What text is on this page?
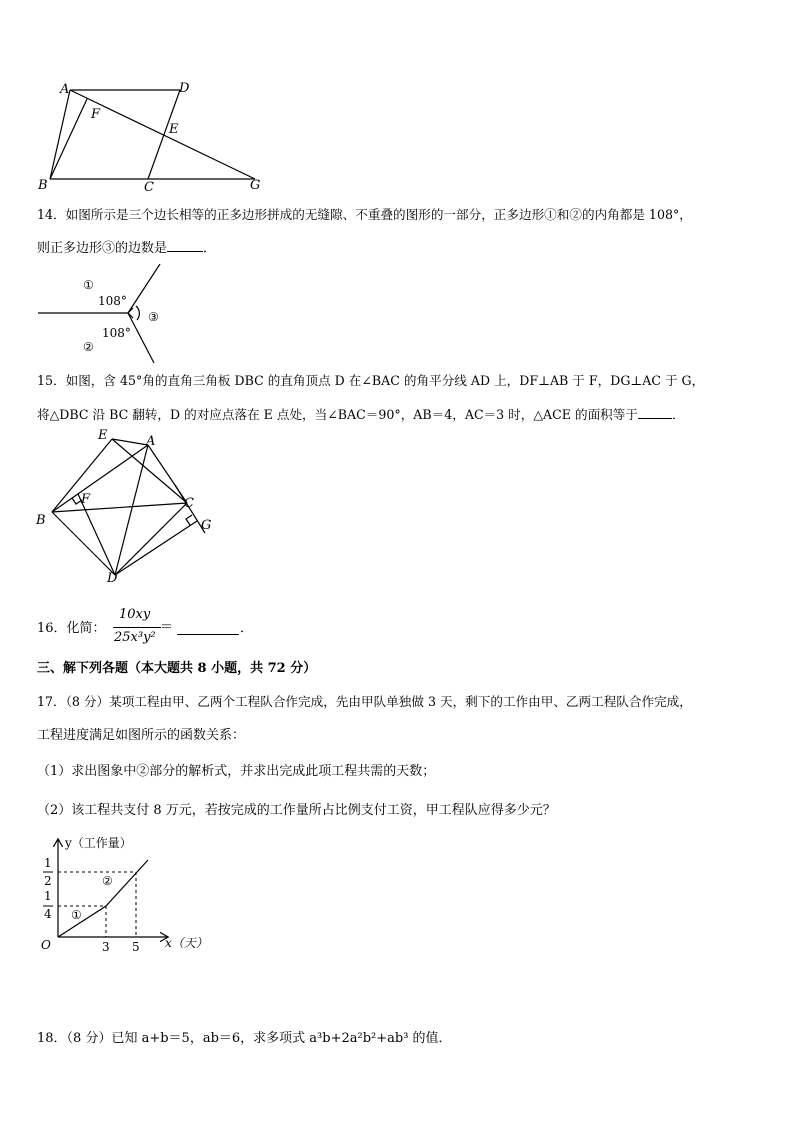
A	D
F
E
B	C	G
14．如图所示是三个边长相等的正多边形拼成的无缝隙、不重叠的图形的一部分，正多边形①和②的内角都是 108°，
则正多边形③的边数是	．
①
108°
108°
③
②
15．如图，含 45°角的直角三角板 DBC 的直角顶点 D 在∠BAC 的角平分线 AD 上，DF⊥AB 于 F，DG⊥AC 于 G，
将△DBC 沿 BC 翻转，D 的对应点落在 E 点处，当∠BAC＝90°，AB＝4，AC＝3 时，△ACE 的面积等于	．
E	A
F
B
C
G
D
16．化简：
10xy
25x³y²
＝	．
三、解下列各题（本大题共 8 小题，共 72 分）
17．（8 分）某项工程由甲、乙两个工程队合作完成，先由甲队单独做 3 天，剩下的工作由甲、乙两工程队合作完成，
工程进度满足如图所示的函数关系：
（1）求出图象中②部分的解析式，并求出完成此项工程共需的天数；
（2）该工程共支付 8 万元，若按完成的工作量所占比例支付工资，甲工程队应得多少元？
y（工作量）
x（天）
O	3 5
1
2
1
4 ①
②
18．（8 分）已知 a+b＝5，ab＝6，求多项式 a³b+2a²b²+ab³ 的值．
